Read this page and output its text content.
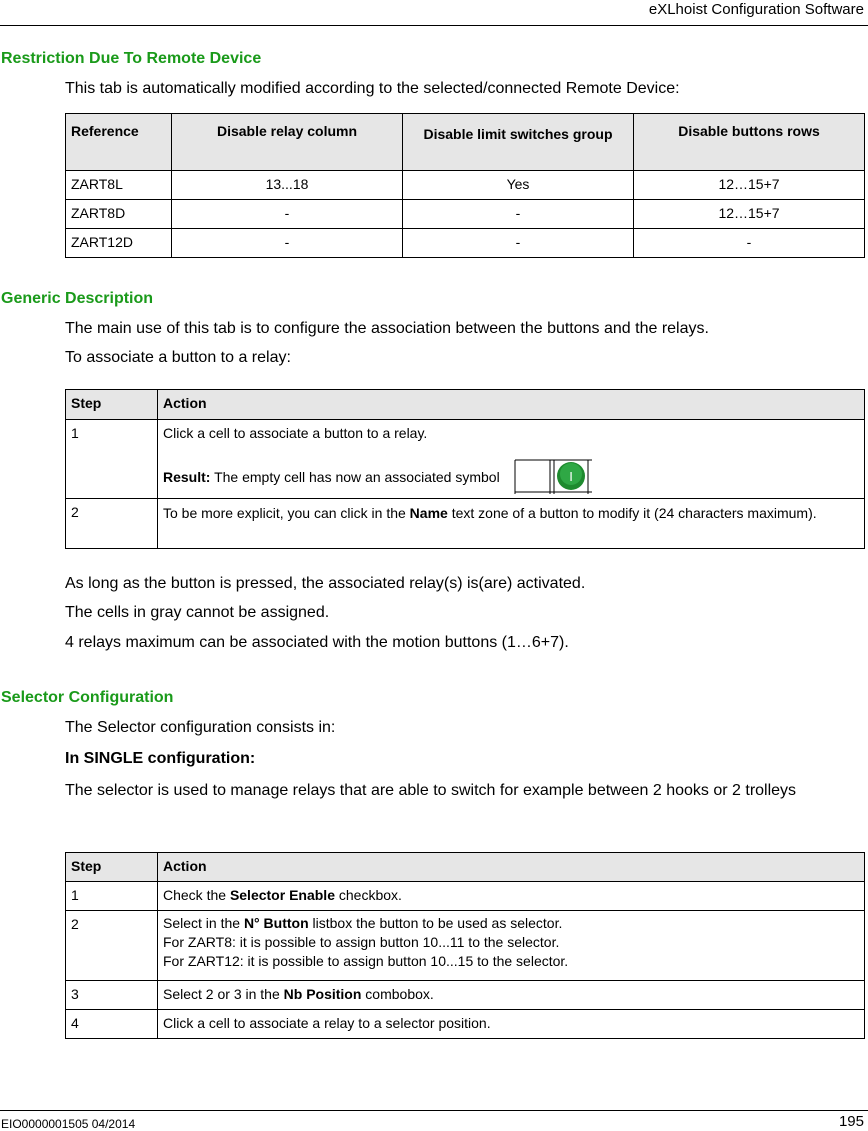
eXLhoist Configuration Software
Restriction Due To Remote Device
This tab is automatically modified according to the selected/connected Remote Device:
Reference	Disable relay column	Disable limit switches group	Disable buttons rows
ZART8L	13...18	Yes	12…15+7
ZART8D	-	-	12…15+7
ZART12D	-	-	-
Generic Description
The main use of this tab is to configure the association between the buttons and the relays.
To associate a button to a relay:
Step	Action
1	Click a cell to associate a button to a relay.
Result: The empty cell has now an associated symbol I

2	To be more explicit, you can click in the Name text zone of a button to modify it (24 characters maximum).
As long as the button is pressed, the associated relay(s) is(are) activated.
The cells in gray cannot be assigned.
4 relays maximum can be associated with the motion buttons (1…6+7).
Selector Configuration
The Selector configuration consists in:
In SINGLE configuration:
The selector is used to manage relays that are able to switch for example between 2 hooks or 2 trolleys
Step	Action
1	Check the Selector Enable checkbox.
2	Select in the N° Button listbox the button to be used as selector.
For ZART8: it is possible to assign button 10...11 to the selector.
For ZART12: it is possible to assign button 10...15 to the selector.

3	Select 2 or 3 in the Nb Position combobox.
4	Click a cell to associate a relay to a selector position.
EIO0000001505 04/2014	195
